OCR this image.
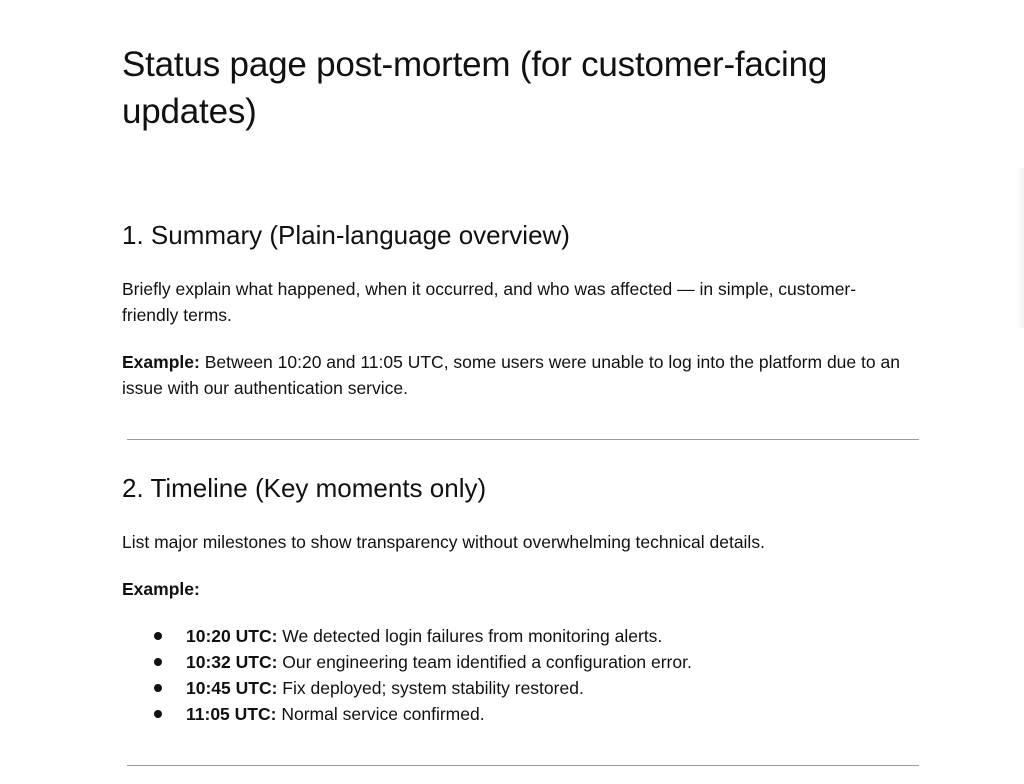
Status page post-mortem (for customer-facing updates)
1. Summary (Plain-language overview)

Briefly explain what happened, when it occurred, and who was affected — in simple, customer-friendly terms.

Example: Between 10:20 and 11:05 UTC, some users were unable to log into the platform due to an issue with our authentication service.

2. Timeline (Key moments only)

List major milestones to show transparency without overwhelming technical details.

Example:

10:20 UTC: We detected login failures from monitoring alerts.
10:32 UTC: Our engineering team identified a configuration error.
10:45 UTC: Fix deployed; system stability restored.
11:05 UTC: Normal service confirmed.
